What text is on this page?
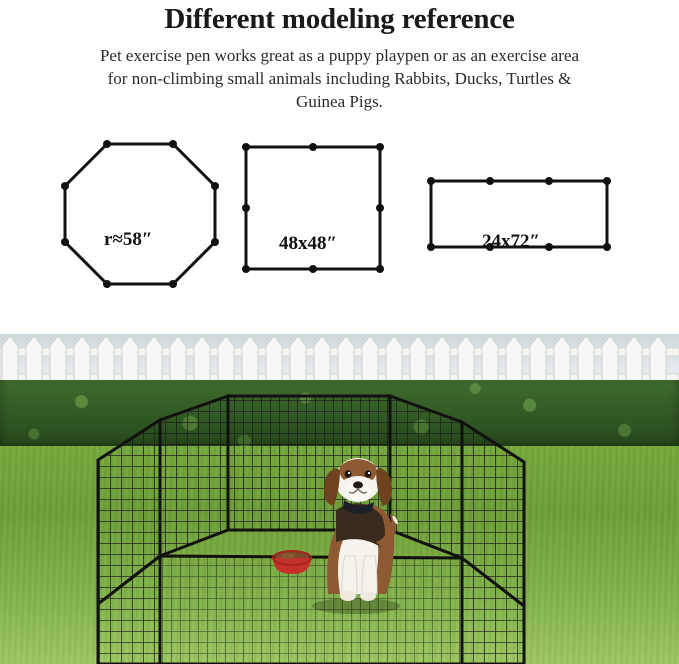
Different modeling reference

Pet exercise pen works great as a puppy playpen or as an exercise area for non-climbing small animals including Rabbits, Ducks, Turtles & Guinea Pigs.

r≈58″	48x48″	24x72″
